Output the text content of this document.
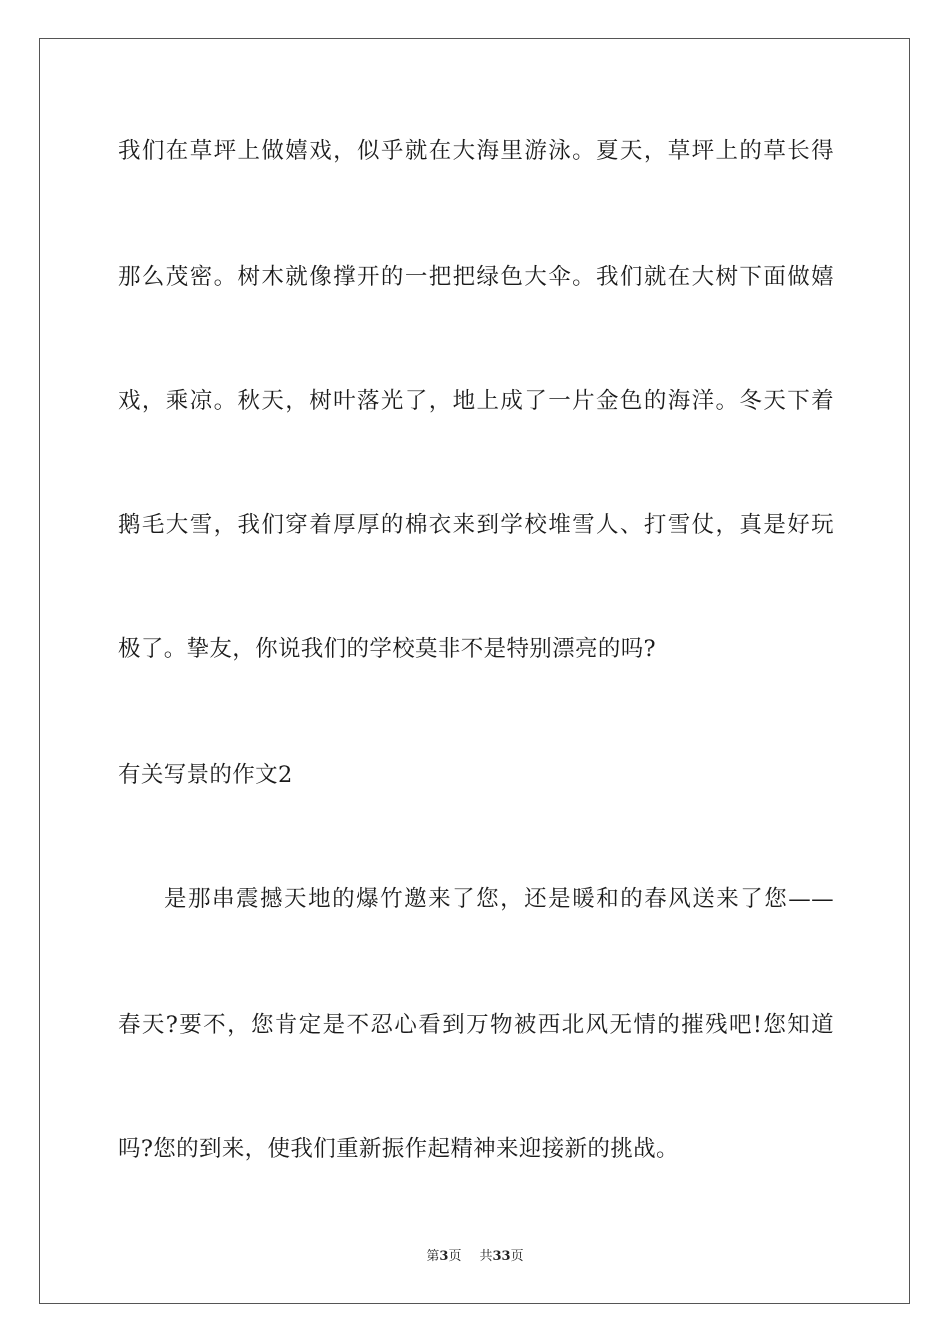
我们在草坪上做嬉戏，似乎就在大海里游泳。夏天，草坪上的草长得
那么茂密。树木就像撑开的一把把绿色大伞。我们就在大树下面做嬉
戏，乘凉。秋天，树叶落光了，地上成了一片金色的海洋。冬天下着
鹅毛大雪，我们穿着厚厚的棉衣来到学校堆雪人、打雪仗，真是好玩
极了。挚友，你说我们的学校莫非不是特别漂亮的吗?
有关写景的作文2
是那串震撼天地的爆竹邀来了您，还是暖和的春风送来了您——
春天?要不，您肯定是不忍心看到万物被西北风无情的摧残吧!您知道
吗?您的到来，使我们重新振作起精神来迎接新的挑战。
第3页 共33页
